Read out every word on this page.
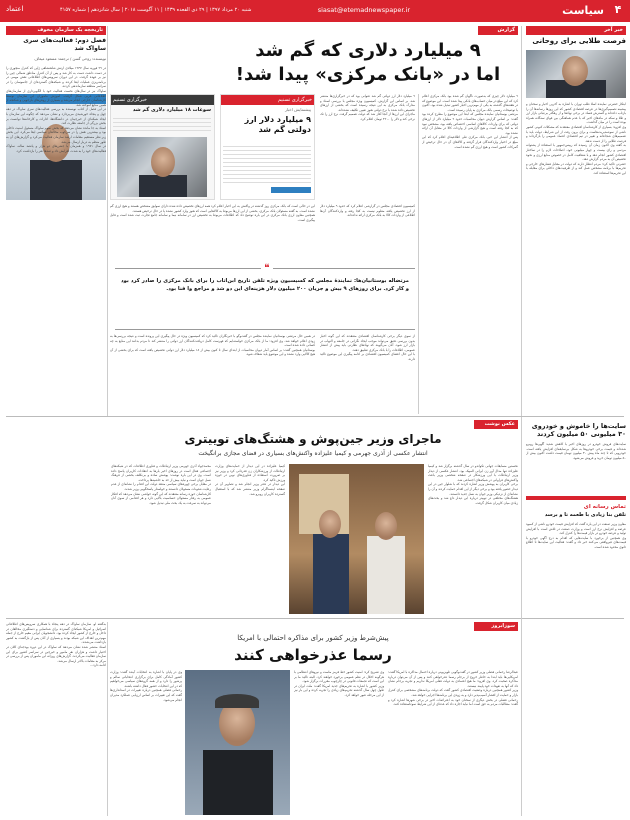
۴
سیاست
siasat@etemadnewspaper.ir
شنبه ۲۰ مرداد ۱۳۹۷ | ۲۹ ذی القعده ۱۴۳۹ | ۱۱ آگوست ۲۰۱۸ | سال شانزدهم | شماره ۴۱۵۷
اعتماد
خبر آخر
فرصت طلایی برای روحانی
ابتکار حضرتی نماینده اسلا طلب تهران با اشاره به آخرین اخبار و سخنان و پیشینه تصمیم‌گیری‌ها در عرصه اقتصادی کشور که این روزها رسانه‌ها آن را بازتاب داده‌اند و گسترش فساد در برخی نهادها و از رهگذر بی‌ثباتی بازار ارز و طلا و سکه در ماه‌های اخیر که با عدم هماهنگی بین قوای سه‌گانه همراه بوده است را در میان گذاشت.
وی افزود: بسیاری از کارشناسان اقتصادی معتقدند که مشکلات کنونی کشور ناشی از سوءمدیریت‌هاست و برای برون رفت از این شرایط، دولت باید با تصمیم‌های شجاعانه و تغییر در تیم اقتصادی اعتماد عمومی را بازگرداند و فرصت طلایی را از دست ندهد.
به گفته وی اکنون زمان آن رسیده که رییس‌جمهور با استفاده از پشتوانه مردمی و رای بیست و چهار میلیونی خود، اصلاحات لازم را در ساختار اقتصادی کشور انجام دهد و با شفافیت کامل در خصوص منابع ارزی و نحوه تخصیص آن به مردم گزارش دهد.
حضرتی تاکید کرد: مردم انتظار دارند که دولت در مقابل فشارهای خارجی و تحریم‌ها با برنامه مشخص عمل کند و از ظرفیت‌های داخلی برای مقابله با این تحریم‌ها استفاده کند.
گزارش
۹ میلیارد دلاری که گم شد
اما در «بانک مرکزی» پیدا شد!
۹ میلیارد دلار چیزی که به‌صورت ناگهان گم شده بود بانک مرکزی اعلام کرد که این مبلغ در میان حساب‌های بانکی پیدا شده است. این موضوع که در هفته‌های گذشته به یکی از مهم‌ترین اخبار کشور تبدیل شده بود، اکنون با توضیحات رسمی بانک مرکزی به پایان رسیده است.
مرتضی بوستانیان نماینده مجلس که ابتدا این موضوع را مطرح کرده بود گفت: بر اساس گزارش دیوان محاسبات حدود ۹ میلیارد دلار از ارزهای دولتی که برای واردات کالاهای اساسی اختصاص یافته بود، مشخص نبود که به کجا رفته است و هیچ گزارشی از واردات کالا در مقابل آن ارائه نشده بود.
پس از انتشار این خبر، بانک مرکزی طی اطلاعیه‌ای اعلام کرد که این مبلغ در اختیار واردکنندگان قرار گرفته و کالاهای آن در حال ترخیص از گمرکات کشور است و هیچ ارزی گم نشده است.
۹ میلیارد دلار ارز دولتی گم شد عنوانی بود که در خبرگزاری‌ها منتشر شد. بر اساس این گزارش، کمیسیون ویژه مجلس با بررسی اسناد و مدارک بانک مرکزی به این نتیجه رسیده است که بخشی از ارزهای تخصیص داده شده با نرخ دولتی هنوز تعیین تکلیف نشده‌اند.
ماجرای این ارزها از آنجا آغاز شد که دولت تصمیم گرفت نرخ ارز را تک نرخی کند و دلار را ۴۲۰۰ تومان اعلام کرد.
خبرگزاری تسنیم
پیشنمایش اخبار
۹ میلیارد دلار ارز دولتی گم شد
خبرگزاری تسنیم
سوغات ۱۸ میلیارد دلاری گم شد
کمیسیون اقتصادی مجلس در گزارشی اعلام کرد که حدود ۹ میلیارد دلار از ارز تخصیص یافته معلوم نیست به کجا رفته و واردکنندگان آن‌ها اطلاعی از واردات کالا به بانک مرکزی ارائه نداده‌اند.
این در حالی است که بانک مرکزی روز گذشته در واکنش به این اخبار اعلام کرد همه ارزهای تخصیص داده شده دارای سوابق مشخص هستند و هیچ ارزی گم نشده است. به گفته مسئولان بانک مرکزی، بخشی از این ارزها مربوط به کالاهایی است که هنوز وارد کشور نشده یا در حال ترخیص هستند.
همچنین معاون ارزی بانک مرکزی در این باره توضیح داد که اطلاعات مربوط به تخصیص ارز در سامانه نیما و سامانه جامع تجارت ثبت شده است و قابل پیگیری است.
❝
مرتضاله بوستانیان‌ها: نمایندهٔ مجلس که کسیسیون ویژه تلفن تاریخ ابن‌اتاب را برای بانک مرکزی را صادر کرد بود و کار کرد. برای روزهای ۹ بیش و جریان ۲۰۰ میلیون دلار هزینه‌ای این دو شد و مراجع وا فنا بود.
در همین حال مرتضی بوستانیان نماینده مجلس در گفت‌وگو با خبرنگاران تاکید کرد که کمیسیون ویژه در حال پیگیری این پرونده است و نتیجه بررسی‌ها به زودی اعلام خواهد شد. وی افزود: ما از بانک مرکزی خواسته‌ایم که فهرست کامل دریافت‌کنندگان ارز دولتی را منتشر کند تا مردم بدانند این منابع به چه کسانی داده شده است.
بوستانیان همچنین گفت: بر اساس آمار دیوان محاسبات از ابتدای سال تا کنون بیش از ۱۸ میلیارد دلار ارز دولتی تخصیص یافته است که برای بخشی از آن هیچ کالایی وارد نشده و این موضوع باید شفاف شود.
از سوی دیگر برخی کارشناسان اقتصادی معتقدند که این گونه اخبار بدون بررسی دقیق می‌تواند موجب ایجاد نگرانی در جامعه و التهاب در بازار ارز شود. آنان می‌گویند که نهادهای نظارتی باید پیش از انتشار عمومی، اطلاعات را با بانک مرکزی تطبیق دهند.
با این حال اعضای کمیسیون اقتصادی بر ادامه پیگیری این موضوع تاکید دارند.
تاریخچه یک سازمان مخوف
فصل دوم: فعالیت‌های سری ساواک شد
نویسنده: روحی گسن / ترجمه: مسعود میعاف
در ۲۹ فوریه سال ۱۹۳۷ میلادی ارتش شاهنشاهی ژاپن که کنترل منچوری را در دست داشت دست به کار شد و پس از آن کنترل مناطق شمالی چین را نیز بر عهده گرفت. در این دوران سرویس‌های اطلاعاتی نقش مهمی در برنامه‌ریزی عملیات ایفا کردند و شبکه‌های گسترده‌ای از جاسوسان را در سراسر منطقه سازماندهی کردند.
ساواک نیز در سال‌های نخست فعالیت خود با الگوبرداری از سازمان‌های اطلاعاتی غربی شکل گرفت. آموزش ماموران این سازمان توسط کارشناسان خارجی انجام می‌شد و بسیاری از روش‌های بازجویی و شکنجه از همین منابع آموخته شد.
در این فصل از کتاب نویسنده به بررسی فعالیت‌های سری ساواک در دهه چهل و پنجاه خورشیدی می‌پردازد و نشان می‌دهد که چگونه این سازمان با ایجاد شبکه‌ای از خبرچینان در دانشگاه‌ها، ادارات و کارخانه‌ها توانست بر بخش بزرگی از جامعه نظارت کند.
اسناد به جا مانده نشان می‌دهد که بخش سوم ساواک مسئول امنیت داخلی بود و بیشترین نقش را در سرکوب مخالفان سیاسی ایفا می‌کرد. این بخش زیر نظر مستقیم مقامات ارشد سازمان فعالیت می‌کرد و گزارش‌های آن به طور منظم به دربار ارسال می‌شد.
در سال ۱۹۷۱ و همزمان با جشن‌های دو هزار و پانصد ساله، ساواک فعالیت‌های خود را به شدت افزایش داد و صدها نفر را بازداشت کرد.
عکس نوشت
ماجرای وزیر جین‌پوش و هشتگ‌های توییتری
انتشار عکسی از آذری جهرمی و کیمیا علیزاده واکنش‌های بسیاری در فضای مجازی برانگیخت
نخستین مسابقات جهانی تکواندو در سال گذشته برگزار شد و کیمیا علیزاده تنها مدال آور زن ایرانی المپیک بود. انتشار عکسی از دیدار وزیر ارتباطات با این ورزشکار در صفحه شخصی وزیر باعث واکنش‌های فراوانی در شبکه‌های اجتماعی شد.
برخی کاربران به پوشش وزیر اشاره کردند که با شلوار جین در این دیدار حضور یافته بود و برخی دیگر از این اقدام حمایت کردند و آن را نشانه‌ای از نزدیکی وزیر جوان به نسل جدید دانستند.
هشتگ‌های مختلفی در توییتر درباره این دیدار داغ شد و بحث‌های زیادی میان کاربران شکل گرفت.
کیمیا علیزاده در این دیدار از حمایت‌های وزارت ارتباطات از ورزشکاران زن قدردانی کرد و وزیر نیز بر ضرورت استفاده از فناوری‌های نوین در حوزه ورزش تاکید کرد.
این دیدار در دفتر وزیر انجام شد و تصاویر آن در صفحه اینستاگرام وزیر منتشر شد که با استقبال گسترده کاربران روبرو شد.
محمدجواد آذری جهرمی وزیر ارتباطات و فناوری اطلاعات که در شبکه‌های اجتماعی فعال است در روزهای اخیر بارها به انتقادات کاربران پاسخ داده است. وی در این باره نوشت: پوشش ساده و بی‌تکلف بخشی از فرهنگ نسل جوان است و نباید بیش از حد به حاشیه‌ها پرداخت.
در مقابل برخی چهره‌های سیاسی منتقد دولت این اقدام را نشانه‌ای از عدم رعایت شئونات مسئولان دانستند و خواستار پاسخگویی وزیر شدند.
کارشناسان حوزه رسانه معتقدند که این گونه حواشی نشان می‌دهد که افکار عمومی به رفتار مسئولان حساسیت بالایی دارد و هر اقدامی از سوی آنان می‌تواند به سرعت به یک بحث ملی تبدیل شود.
سایت‌ها را خاموش و خودروی ۳۰ میلیونی ۵۰ میلیون کردند
سایت‌های فروش خودرو در روزهای اخیر با کاهش شدید آگهی‌ها روبرو شده‌اند و قیمت برخی خودروها به شکل بی‌سابقه‌ای افزایش یافته است. خودرویی که تا چند ماه پیش ۳۰ میلیون تومان قیمت داشت اکنون بیش از ۵۰ میلیون تومان خرید و فروش می‌شود.
تماس رسانه ای
تلفن بنا زیادی با طعمه تا و برسد
معاون وزیر صنعت در این باره گفت که افزایش قیمت خودرو ناشی از کمبود عرضه و افزایش نرخ ارز است و وزارت صنعت در تلاش است با افزایش تولید و عرضه خودرو در بازار قیمت‌ها را کنترل کند.
وی همچنین از برخورد با سایت‌هایی که اقدام به درج آگهی خودرو با قیمت‌های غیرواقعی می‌کنند خبر داد و گفت: فعالیت این سایت‌ها تا اطلاع ثانوی محدود شده است.
سوزابروز
پیش‌شرط وزیر کشور برای مذاکره احتمالی با امریکا
رسما عذرخواهی کنند
عبدالرضا رحمانی فضلی وزیر کشور در گفت‌وگویی تلویزیونی درباره احتمال مذاکره با امریکا گفت: امریکایی‌ها باید ابتدا به خاطر خروج از برجام رسما عذرخواهی کنند و پس از آن می‌توان درباره مذاکره صحبت کرد. وی افزود: ما هیچ اعتمادی به دولت فعلی امریکا نداریم و تجربه برجام نشان داد که آنها به تعهدات خود پایبند نیستند.
وزیر کشور همچنین درباره وضعیت اقتصادی کشور گفت که دولت برنامه‌های مشخصی برای کنترل بازار و حمایت از اقشار آسیب‌پذیر دارد و به زودی این برنامه‌ها اجرایی خواهد شد.
رحمانی فضلی در بخش دیگری از سخنان خود به اعتراضات اخیر در برخی شهرها اشاره کرد و گفت: مطالبات مردم به حق است اما نباید اجازه داد که عده‌ای از این شرایط سوءاستفاده کنند.
وی تصریح کرد: امنیت کشور خط قرمز ماست و نیروهای انتظامی با هرگونه اخلال در نظم عمومی برخورد خواهند کرد. البته تاکید ما بر این است که تجمعات قانونی در چارچوب مقررات برگزار شود.
وزیر کشور با اشاره به تحریم‌های جدید امریکا گفت: ملت ایران در طول چهل سال گذشته تحریم‌های زیادی را تجربه کرده و این بار نیز از این مرحله عبور خواهد کرد.
وی در پایان با اشاره به انتخابات آینده گفت: وزارت کشور آمادگی کامل برای برگزاری انتخاباتی سالم و پرشور را دارد و از همه گروه‌های سیاسی می‌خواهیم که در این انتخابات حضور فعال داشته باشند.
رحمانی فضلی همچنین درباره تغییرات در استانداری‌ها گفت که این تغییرات بر اساس ارزیابی عملکرد مدیران انجام می‌شود.
به‌گفته او، سازمان ساواک در دهه پنجاه با همکاری سرویس‌های اطلاعاتی اسرائیل و امریکا شبکه‌ای گسترده برای شناسایی و دستگیری مخالفان در داخل و خارج از کشور ایجاد کرده بود. دانشجویان ایرانی مقیم خارج از جمله مهم‌ترین اهداف این شبکه بودند و بسیاری از آنان پس از بازگشت به کشور بازداشت می‌شدند.
اسناد منتشر شده نشان می‌دهد که ساواک در این دوره بودجه‌ای کلان در اختیار داشت و هزاران نفر مامور و خبرچین در سراسر کشور برای این سازمان فعالیت می‌کردند. گزارش‌های روزانه این ماموران پس از بررسی در مرکز به مقامات بالاتر ارسال می‌شد.
ادامه دارد...
